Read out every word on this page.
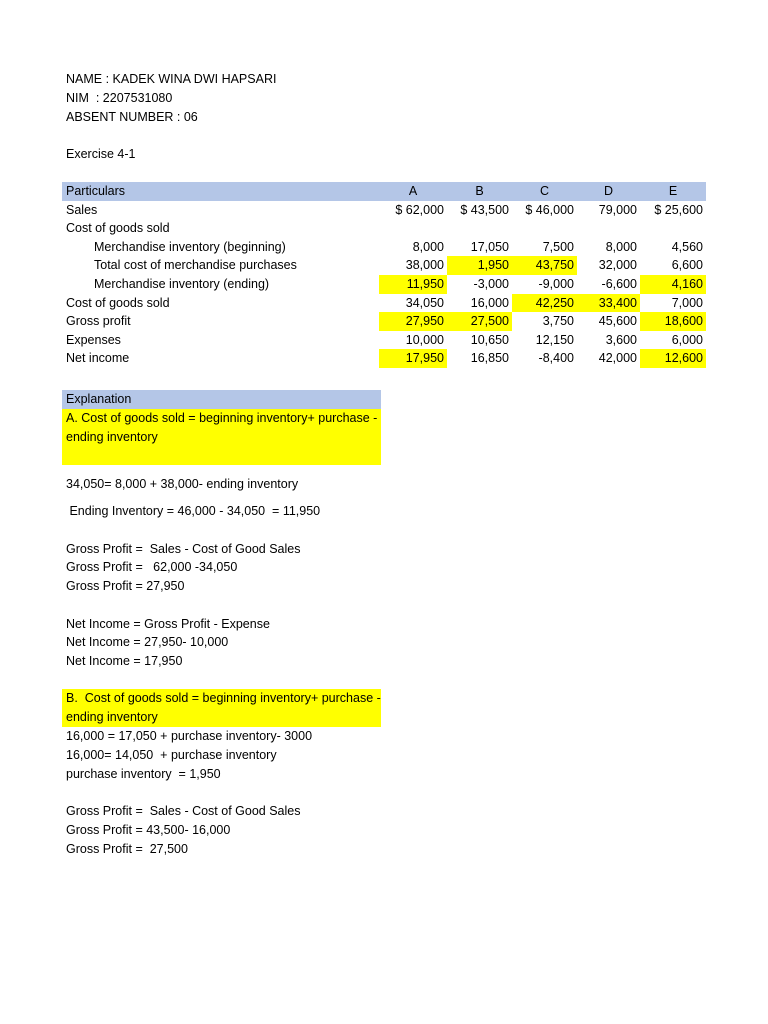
NAME : KADEK WINA DWI HAPSARI
NIM  : 2207531080
ABSENT NUMBER : 06
Exercise 4-1
Particulars	A	B	C	D	E
Sales	$ 62,000	$ 43,500	$ 46,000	79,000	$ 25,600
Cost of goods sold
Merchandise inventory (beginning)	8,000	17,050	7,500	8,000	4,560
Total cost of merchandise purchases	38,000	1,950	43,750	32,000	6,600
Merchandise inventory (ending)	11,950	-3,000	-9,000	-6,600	4,160
Cost of goods sold	34,050	16,000	42,250	33,400	7,000
Gross profit	27,950	27,500	3,750	45,600	18,600
Expenses	10,000	10,650	12,150	3,600	6,000
Net income	17,950	16,850	-8,400	42,000	12,600
Explanation
A. Cost of goods sold = beginning inventory+ purchase -
ending inventory
34,050= 8,000 + 38,000- ending inventory
Ending Inventory = 46,000 - 34,050  = 11,950
Gross Profit =  Sales - Cost of Good Sales
Gross Profit =   62,000 -34,050
Gross Profit = 27,950
Net Income = Gross Profit - Expense
Net Income = 27,950- 10,000
Net Income = 17,950
B.  Cost of goods sold = beginning inventory+ purchase -
ending inventory
16,000 = 17,050 + purchase inventory- 3000
16,000= 14,050  + purchase inventory
purchase inventory  = 1,950
Gross Profit =  Sales - Cost of Good Sales
Gross Profit = 43,500- 16,000
Gross Profit =  27,500
